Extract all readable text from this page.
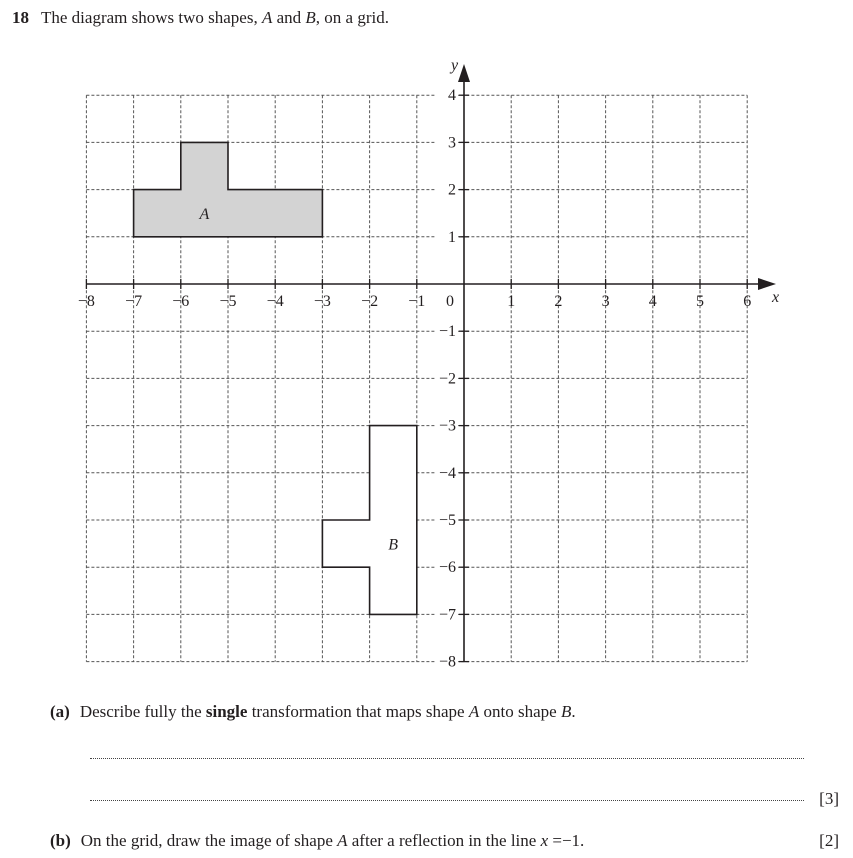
18 The diagram shows two shapes, A and B, on a grid.
A
B
x
y
−8 −7 −6 −5 −4 −3 −2 −1 0	1 2 3 4 5 6
4
3
2
1
−1
−2
−3
−4
−5
−6
−7
−8
(a) Describe fully the single transformation that maps shape A onto shape B.
[3]
(b) On the grid, draw the image of shape A after a reflection in the line x =−1.	[2]
